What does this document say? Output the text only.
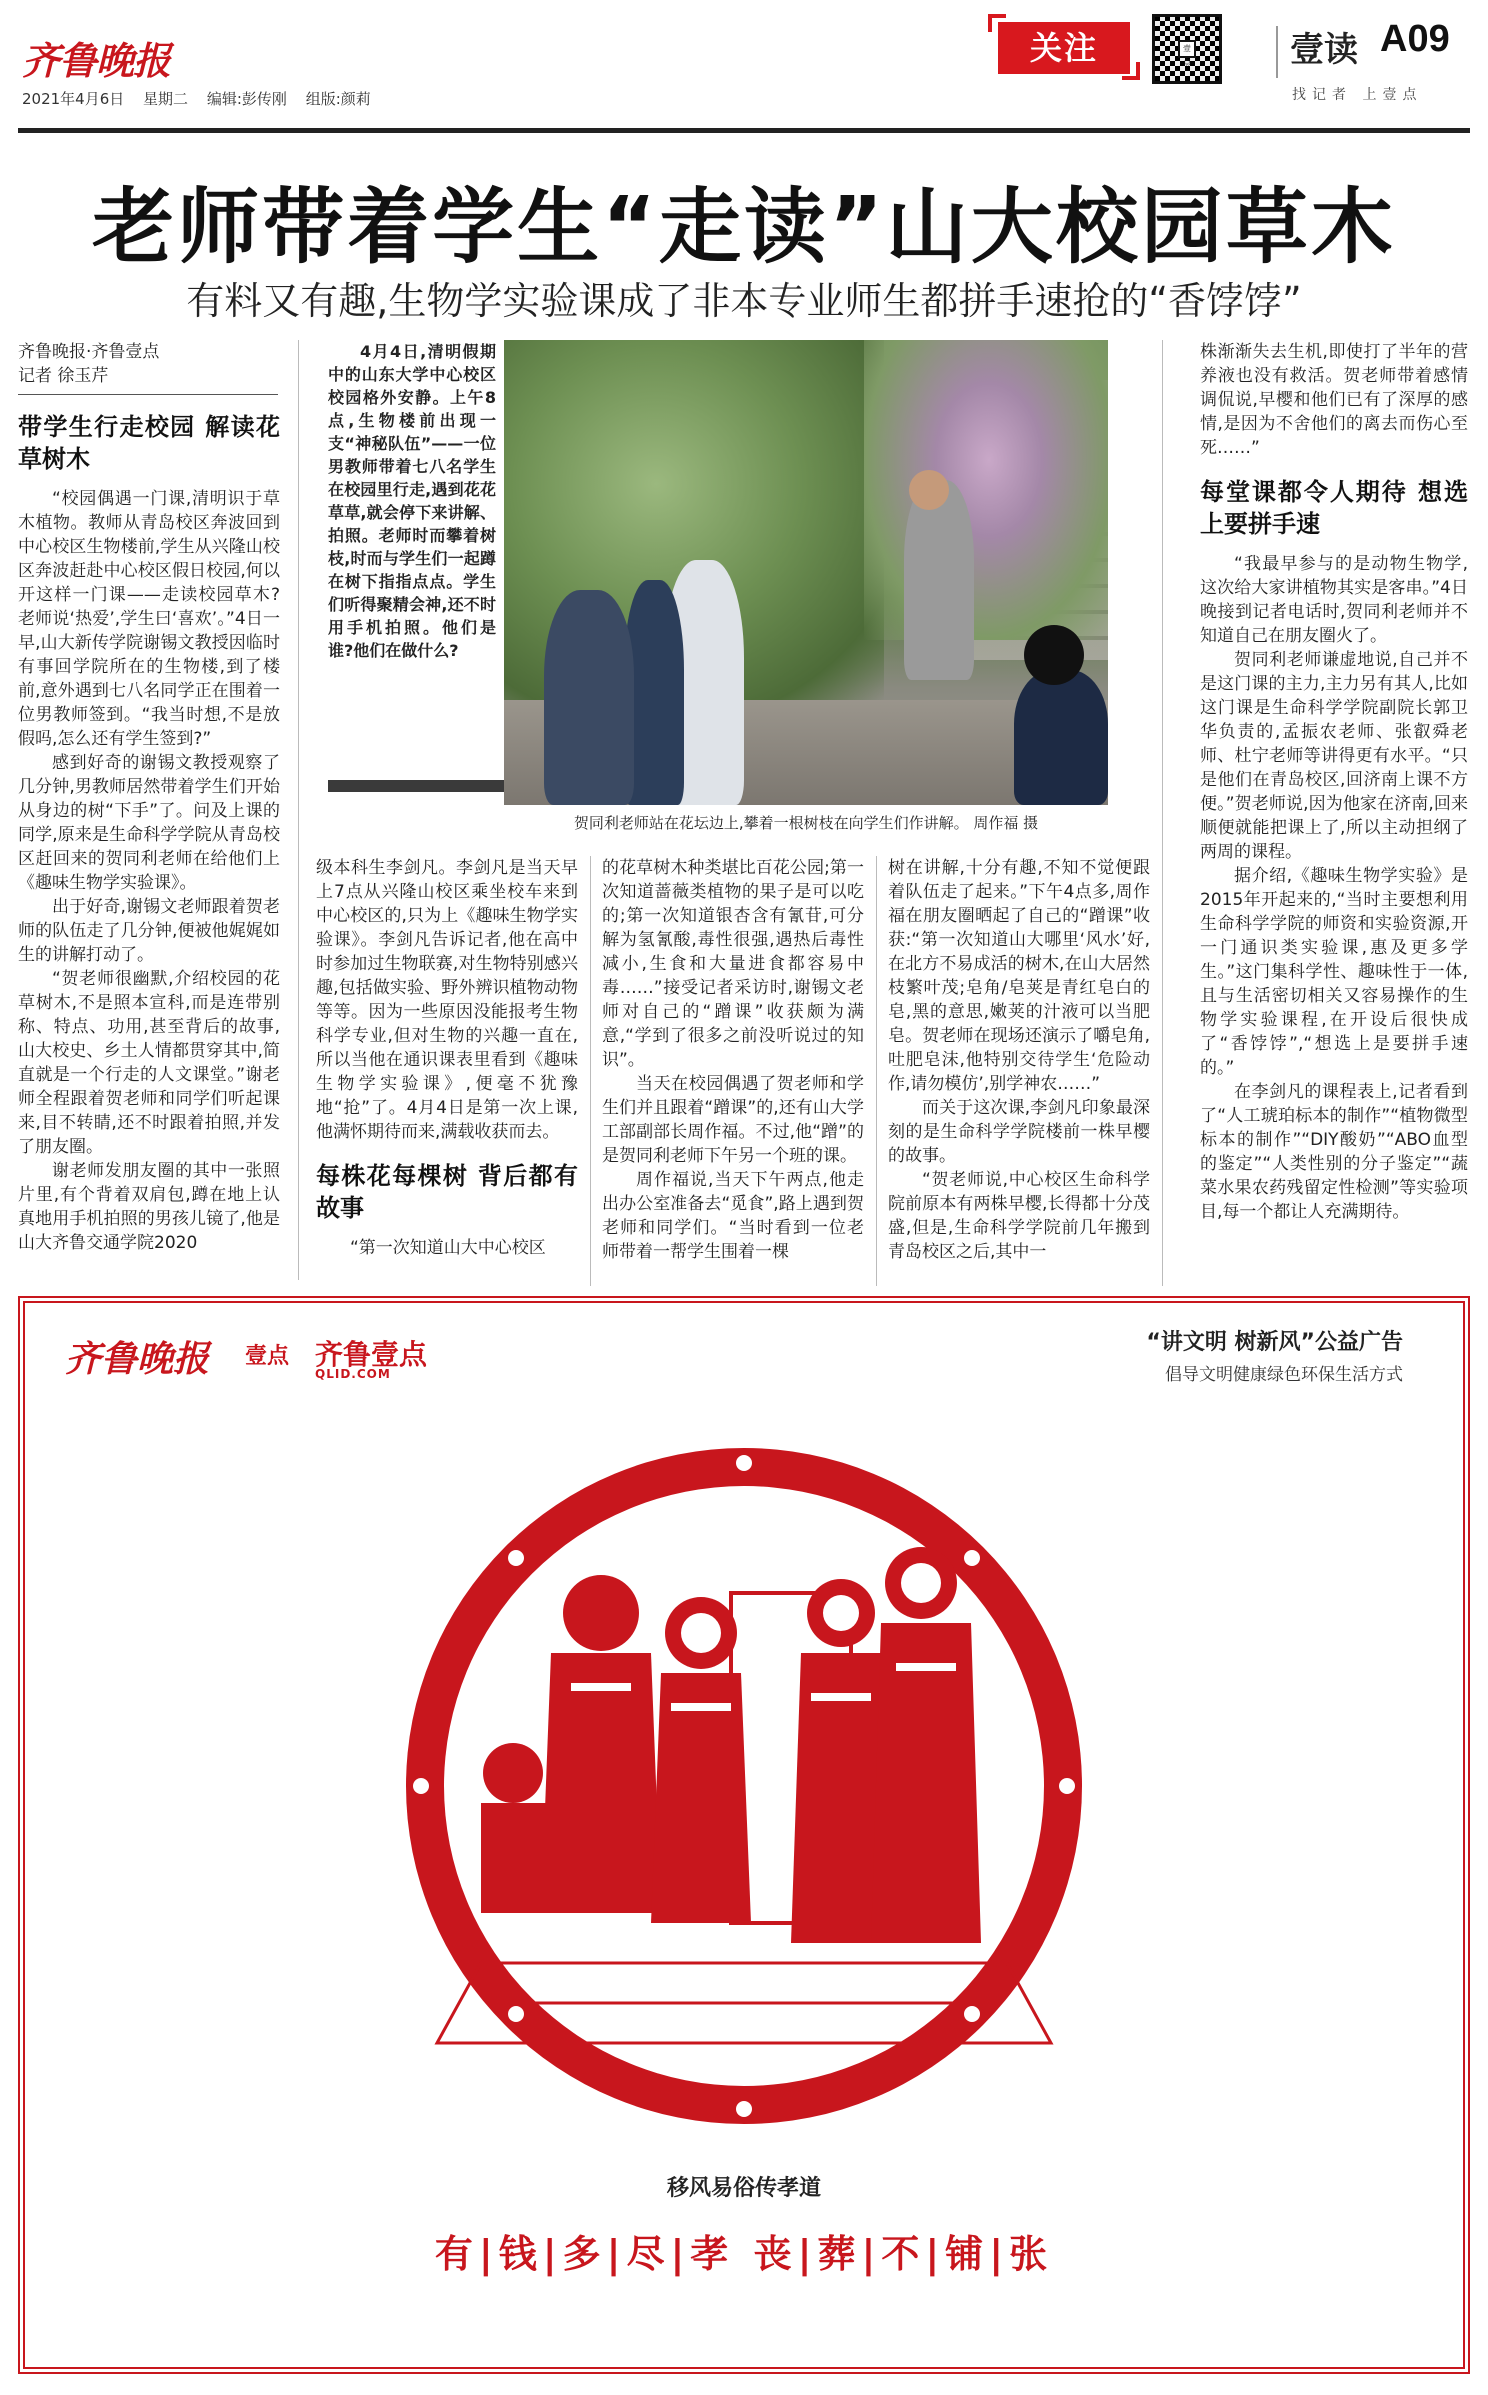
齐鲁晚报
2021年4月6日 星期二 编辑:彭传刚 组版:颜莉
关注	壹点	壹读 A09
找记者 上壹点
老师带着学生“走读”山大校园草木
有料又有趣,生物学实验课成了非本专业师生都拼手速抢的“香饽饽”
齐鲁晚报·齐鲁壹点
记者 徐玉芹
带学生行走校园 解读花草树木

“校园偶遇一门课,清明识于草木植物。教师从青岛校区奔波回到中心校区生物楼前,学生从兴隆山校区奔波赶赴中心校区假日校园,何以开这样一门课——走读校园草木?老师说‘热爱’,学生曰‘喜欢’。”4日一早,山大新传学院谢锡文教授因临时有事回学院所在的生物楼,到了楼前,意外遇到七八名同学正在围着一位男教师签到。“我当时想,不是放假吗,怎么还有学生签到?”

感到好奇的谢锡文教授观察了几分钟,男教师居然带着学生们开始从身边的树“下手”了。问及上课的同学,原来是生命科学学院从青岛校区赶回来的贺同利老师在给他们上《趣味生物学实验课》。

出于好奇,谢锡文老师跟着贺老师的队伍走了几分钟,便被他娓娓如生的讲解打动了。

“贺老师很幽默,介绍校园的花草树木,不是照本宣科,而是连带别称、特点、功用,甚至背后的故事,山大校史、乡土人情都贯穿其中,简直就是一个行走的人文课堂。”谢老师全程跟着贺老师和同学们听起课来,目不转睛,还不时跟着拍照,并发了朋友圈。

谢老师发朋友圈的其中一张照片里,有个背着双肩包,蹲在地上认真地用手机拍照的男孩儿镜了,他是山大齐鲁交通学院2020

4月4日,清明假期中的山东大学中心校区校园格外安静。上午8点,生物楼前出现一支“神秘队伍”——一位男教师带着七八名学生在校园里行走,遇到花花草草,就会停下来讲解、拍照。老师时而攀着树枝,时而与学生们一起蹲在树下指指点点。学生们听得聚精会神,还不时用手机拍照。他们是谁?他们在做什么?

贺同利老师站在花坛边上,攀着一根树枝在向学生们作讲解。 周作福 摄

级本科生李剑凡。李剑凡是当天早上7点从兴隆山校区乘坐校车来到中心校区的,只为上《趣味生物学实验课》。李剑凡告诉记者,他在高中时参加过生物联赛,对生物特别感兴趣,包括做实验、野外辨识植物动物等等。因为一些原因没能报考生物科学专业,但对生物的兴趣一直在,所以当他在通识课表里看到《趣味生物学实验课》,便毫不犹豫地“抢”了。4月4日是第一次上课,他满怀期待而来,满载收获而去。

每株花每棵树 背后都有故事

“第一次知道山大中心校区

的花草树木种类堪比百花公园;第一次知道蔷薇类植物的果子是可以吃的;第一次知道银杏含有氰苷,可分解为氢氰酸,毒性很强,遇热后毒性减小,生食和大量进食都容易中毒……”接受记者采访时,谢锡文老师对自己的“蹭课”收获颇为满意,“学到了很多之前没听说过的知识”。

当天在校园偶遇了贺老师和学生们并且跟着“蹭课”的,还有山大学工部副部长周作福。不过,他“蹭”的是贺同利老师下午另一个班的课。

周作福说,当天下午两点,他走出办公室准备去“觅食”,路上遇到贺老师和同学们。“当时看到一位老师带着一帮学生围着一棵

树在讲解,十分有趣,不知不觉便跟着队伍走了起来。”下午4点多,周作福在朋友圈晒起了自己的“蹭课”收获:“第一次知道山大哪里‘风水’好,在北方不易成活的树木,在山大居然枝繁叶茂;皂角/皂荚是青红皂白的皂,黑的意思,嫩荚的汁液可以当肥皂。贺老师在现场还演示了嚼皂角,吐肥皂沫,他特别交待学生‘危险动作,请勿模仿’,别学神农……”

而关于这次课,李剑凡印象最深刻的是生命科学学院楼前一株早樱的故事。

“贺老师说,中心校区生命科学院前原本有两株早樱,长得都十分茂盛,但是,生命科学学院前几年搬到青岛校区之后,其中一

株渐渐失去生机,即使打了半年的营养液也没有救活。贺老师带着感情调侃说,早樱和他们已有了深厚的感情,是因为不舍他们的离去而伤心至死……”

每堂课都令人期待 想选上要拼手速

“我最早参与的是动物生物学,这次给大家讲植物其实是客串。”4日晚接到记者电话时,贺同利老师并不知道自己在朋友圈火了。

贺同利老师谦虚地说,自己并不是这门课的主力,主力另有其人,比如这门课是生命科学学院副院长郭卫华负责的,孟振农老师、张叡舜老师、杜宁老师等讲得更有水平。“只是他们在青岛校区,回济南上课不方便。”贺老师说,因为他家在济南,回来顺便就能把课上了,所以主动担纲了两周的课程。

据介绍,《趣味生物学实验》是2015年开起来的,“当时主要想利用生命科学学院的师资和实验资源,开一门通识类实验课,惠及更多学生。”这门集科学性、趣味性于一体,且与生活密切相关又容易操作的生物学实验课程,在开设后很快成了“香饽饽”,“想选上是要拼手速的。”

在李剑凡的课程表上,记者看到了“人工琥珀标本的制作”“植物微型标本的制作”“DIY酸奶”“ABO血型的鉴定”“人类性别的分子鉴定”“蔬菜水果农药残留定性检测”等实验项目,每一个都让人充满期待。

齐鲁晚报 壹点 齐鲁壹点
QLID.COM
“讲文明 树新风”公益广告
倡导文明健康绿色环保生活方式
移风易俗传孝道
有|钱|多|尽|孝 丧|葬|不|铺|张
